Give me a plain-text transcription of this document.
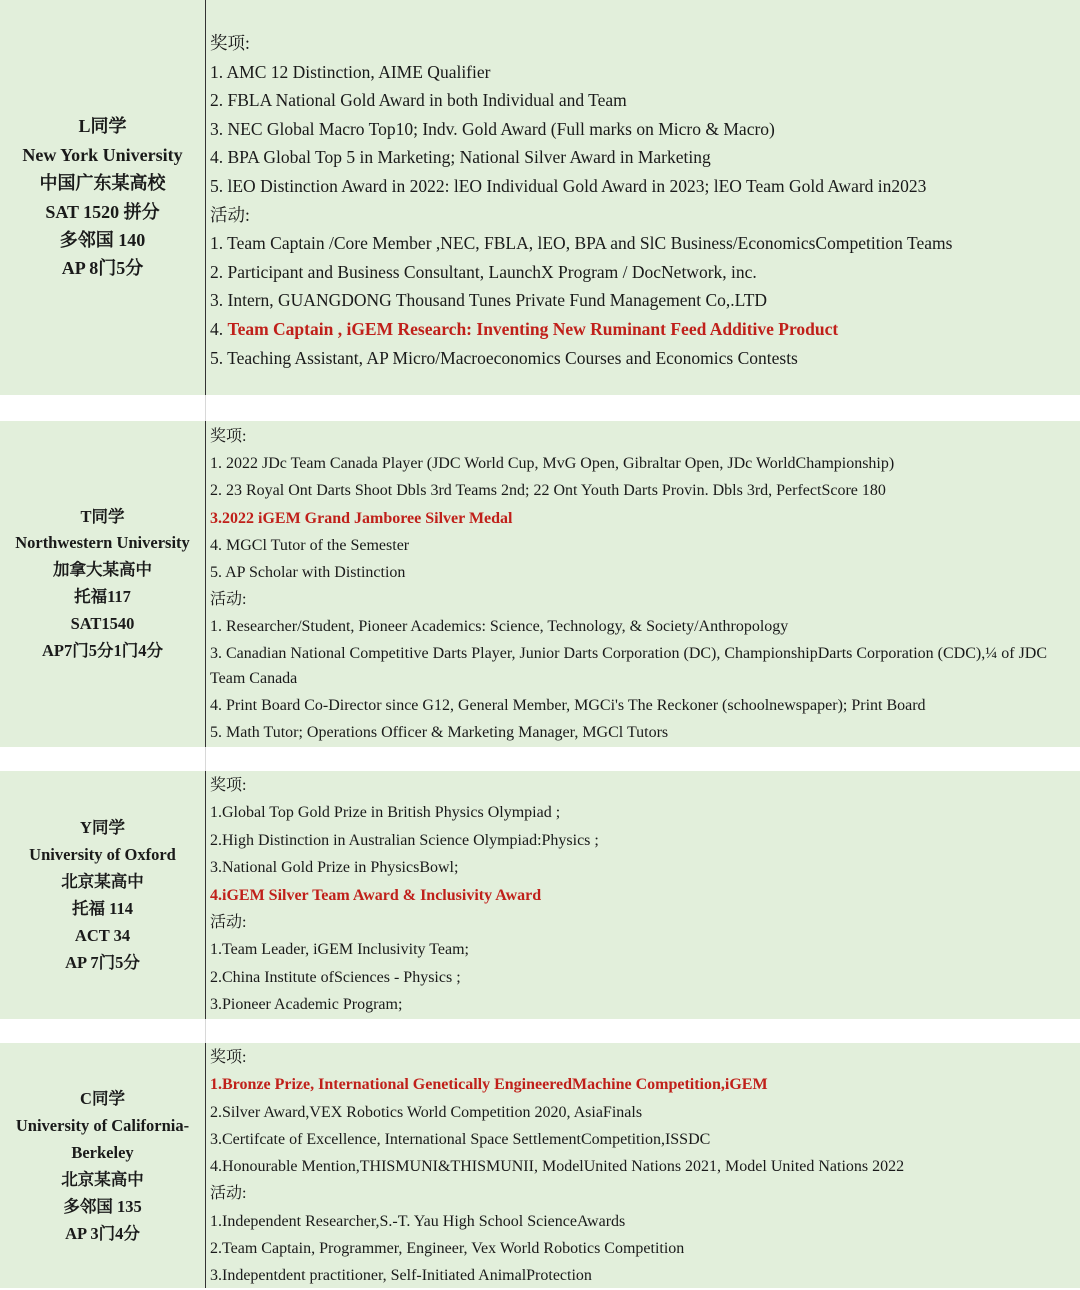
L同学
New York University
中国广东某高校
SAT 1520 拼分
多邻国 140
AP 8门5分
奖项:
1. AMC 12 Distinction, AIME Qualifier
2. FBLA National Gold Award in both Individual and Team
3. NEC Global Macro Top10; Indv. Gold Award (Full marks on Micro & Macro)
4. BPA Global Top 5 in Marketing; National Silver Award in Marketing
5. lEO Distinction Award in 2022: lEO Individual Gold Award in 2023; lEO Team Gold Award in2023
活动:
1. Team Captain /Core Member ,NEC, FBLA, lEO, BPA and SlC Business/EconomicsCompetition Teams
2. Participant and Business Consultant, LaunchX Program / DocNetwork, inc.
3. Intern, GUANGDONG Thousand Tunes Private Fund Management Co,.LTD
4. Team Captain , iGEM Research: Inventing New Ruminant Feed Additive Product
5. Teaching Assistant, AP Micro/Macroeconomics Courses and Economics Contests
T同学
Northwestern University
加拿大某高中
托福117
SAT1540
AP7门5分1门4分
奖项:
1. 2022 JDc Team Canada Player (JDC World Cup, MvG Open, Gibraltar Open, JDc WorldChampionship)
2. 23 Royal Ont Darts Shoot Dbls 3rd Teams 2nd; 22 Ont Youth Darts Provin. Dbls 3rd, PerfectScore 180
3.2022 iGEM Grand Jamboree Silver Medal
4. MGCl Tutor of the Semester
5. AP Scholar with Distinction
活动:
1. Researcher/Student, Pioneer Academics: Science, Technology, & Society/Anthropology
3. Canadian National Competitive Darts Player, Junior Darts Corporation (DC), ChampionshipDarts Corporation (CDC),¼ of JDC Team Canada
4. Print Board Co-Director since G12, General Member, MGCi's The Reckoner (schoolnewspaper); Print Board
5. Math Tutor; Operations Officer & Marketing Manager, MGCl Tutors
Y同学
University of Oxford
北京某高中
托福 114
ACT 34
AP 7门5分
奖项:
1.Global Top Gold Prize in British Physics Olympiad ;
2.High Distinction in Australian Science Olympiad:Physics ;
3.National Gold Prize in PhysicsBowl;
4.iGEM Silver Team Award & Inclusivity Award
活动:
1.Team Leader, iGEM Inclusivity Team;
2.China Institute ofSciences - Physics ;
3.Pioneer Academic Program;
C同学
University of California-
Berkeley
北京某高中
多邻国 135
AP 3门4分
奖项:
1.Bronze Prize, International Genetically EngineeredMachine Competition,iGEM
2.Silver Award,VEX Robotics World Competition 2020, AsiaFinals
3.Certifcate of Excellence, International Space SettlementCompetition,ISSDC
4.Honourable Mention,THISMUNI&THISMUNII, ModelUnited Nations 2021, Model United Nations 2022
活动:
1.Independent Researcher,S.-T. Yau High School ScienceAwards
2.Team Captain, Programmer, Engineer, Vex World Robotics Competition
3.Indepentdent practitioner, Self-Initiated AnimalProtection
